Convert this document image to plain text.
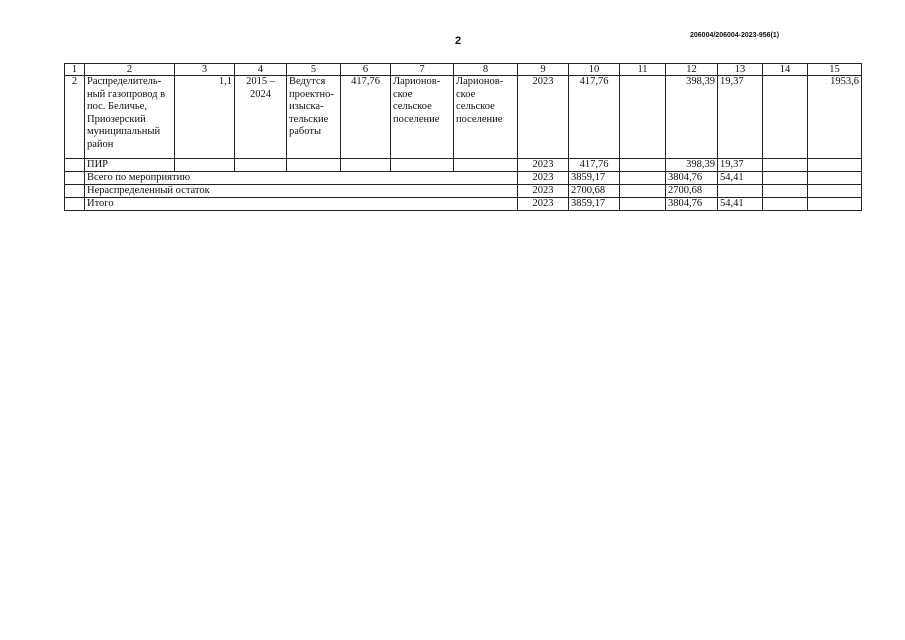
2	206004/206004-2023-956(1)
1	2	3	4	5	6	7	8	9	10	11	12	13	14	15
2	Распределитель-ный газопровод в пос. Беличье, Приозерский муниципальный район	1,1	2015 – 2024	Ведутся проектно-изыска-тельские работы	417,76	Ларионов-ское сельское поселение	Ларионов-ское сельское поселение	2023	417,76		398,39	19,37		1953,6
	ПИР							2023	417,76		398,39	19,37		
	Всего по мероприятию							2023	3859,17		3804,76	54,41		
	Нераспределенный остаток							2023	2700,68		2700,68			
	Итого							2023	3859,17		3804,76	54,41		
